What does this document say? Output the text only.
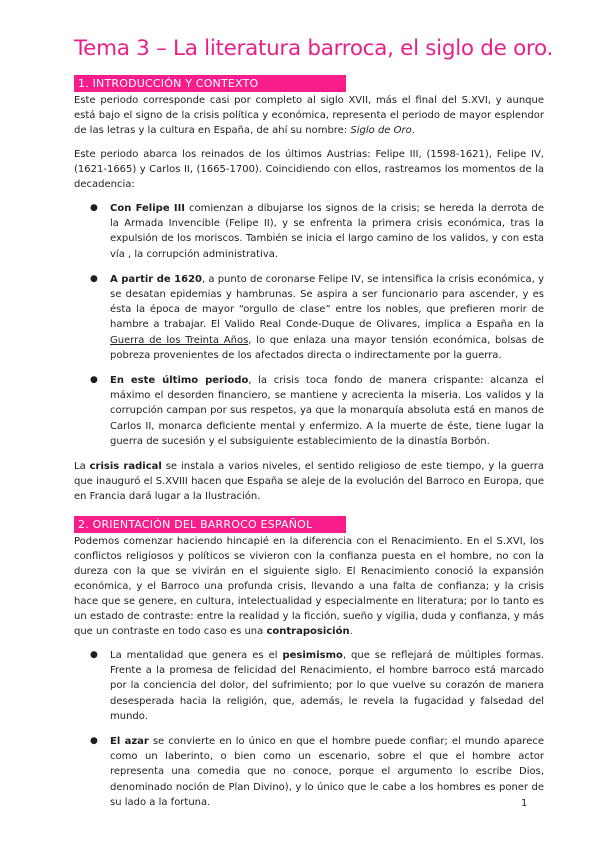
Tema 3 – La literatura barroca, el siglo de oro.
1. INTRODUCCIÓN Y CONTEXTO

Este periodo corresponde casi por completo al siglo XVII, más el final del S.XVI, y aunque está bajo el signo de la crisis política y económica, representa el periodo de mayor esplendor de las letras y la cultura en España, de ahí su nombre: Siglo de Oro.

Este periodo abarca los reinados de los últimos Austrias: Felipe III, (1598-1621), Felipe IV, (1621-1665) y Carlos II, (1665-1700). Coincidiendo con ellos, rastreamos los momentos de la decadencia:

● Con Felipe III comienzan a dibujarse los signos de la crisis; se hereda la derrota de la Armada Invencible (Felipe II), y se enfrenta la primera crisis económica, tras la expulsión de los moriscos. También se inicia el largo camino de los validos, y con esta vía , la corrupción administrativa.
● A partir de 1620, a punto de coronarse Felipe IV, se intensifica la crisis económica, y se desatan epidemias y hambrunas. Se aspira a ser funcionario para ascender, y es ésta la época de mayor “orgullo de clase” entre los nobles, que prefieren morir de hambre a trabajar. El Valido Real Conde-Duque de Olivares, implica a España en la Guerra de los Treinta Años, lo que enlaza una mayor tensión económica, bolsas de pobreza provenientes de los afectados directa o indirectamente por la guerra.
● En este último periodo, la crisis toca fondo de manera crispante: alcanza el máximo el desorden financiero, se mantiene y acrecienta la miseria. Los validos y la corrupción campan por sus respetos, ya que la monarquía absoluta está en manos de Carlos II, monarca deficiente mental y enfermizo. A la muerte de éste, tiene lugar la guerra de sucesión y el subsiguiente establecimiento de la dinastía Borbón.

La crisis radical se instala a varios niveles, el sentido religioso de este tiempo, y la guerra que inauguró el S.XVIII hacen que España se aleje de la evolución del Barroco en Europa, que en Francia dará lugar a la Ilustración.

2. ORIENTACIÓN DEL BARROCO ESPAÑOL

Podemos comenzar haciendo hincapié en la diferencia con el Renacimiento. En el S.XVI, los conflictos religiosos y políticos se vivieron con la confianza puesta en el hombre, no con la dureza con la que se vivirán en el siguiente siglo. El Renacimiento conoció la expansión económica, y el Barroco una profunda crisis, llevando a una falta de confianza; y la crisis hace que se genere, en cultura, intelectualidad y especialmente en literatura; por lo tanto es un estado de contraste: entre la realidad y la ficción, sueño y vigilia, duda y confianza, y más que un contraste en todo caso es una contraposición.

● La mentalidad que genera es el pesimismo, que se reflejará de múltiples formas. Frente a la promesa de felicidad del Renacimiento, el hombre barroco está marcado por la conciencia del dolor, del sufrimiento; por lo que vuelve su corazón de manera desesperada hacia la religión, que, además, le revela la fugacidad y falsedad del mundo.
● El azar se convierte en lo único en que el hombre puede confiar; el mundo aparece como un laberinto, o bien como un escenario, sobre el que el hombre actor representa una comedia que no conoce, porque el argumento lo escribe Dios, denominado noción de Plan Divino), y lo único que le cabe a los hombres es poner de su lado a la fortuna.	1
